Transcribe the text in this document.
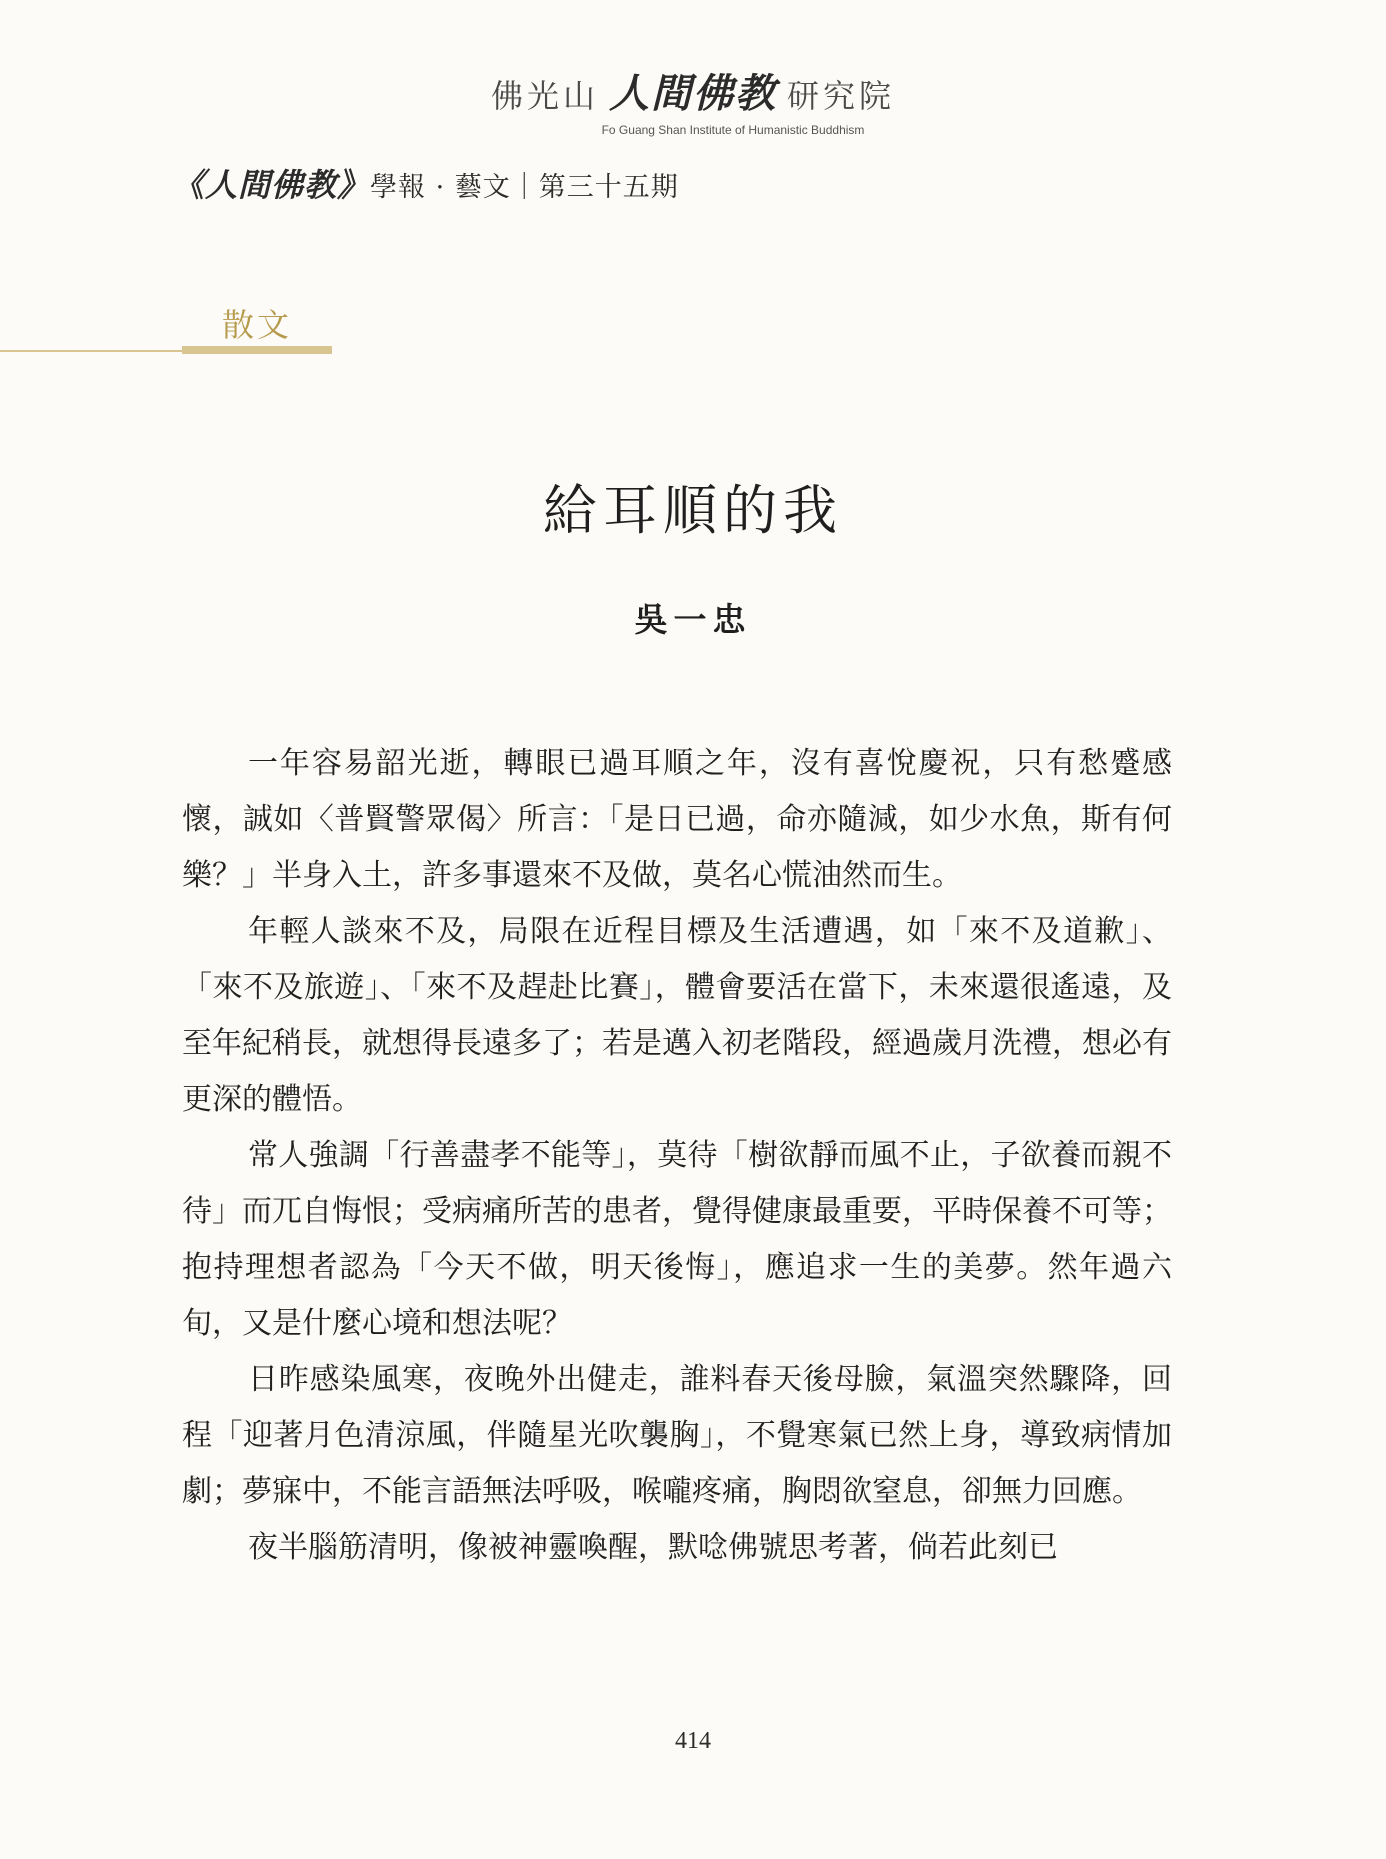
佛光山 人間佛教 研究院
Fo Guang Shan Institute of Humanistic Buddhism
《人間佛教》學報 · 藝文｜第三十五期
散文
給耳順的我
吳一忠

一年容易韶光逝，轉眼已過耳順之年，沒有喜悅慶祝，只有愁蹙感懷，誠如〈普賢警眾偈〉所言：「是日已過，命亦隨減，如少水魚，斯有何樂？」半身入土，許多事還來不及做，莫名心慌油然而生。

年輕人談來不及，局限在近程目標及生活遭遇，如「來不及道歉」、「來不及旅遊」、「來不及趕赴比賽」，體會要活在當下，未來還很遙遠，及至年紀稍長，就想得長遠多了；若是邁入初老階段，經過歲月洗禮，想必有更深的體悟。

常人強調「行善盡孝不能等」，莫待「樹欲靜而風不止，子欲養而親不待」而兀自悔恨；受病痛所苦的患者，覺得健康最重要，平時保養不可等；抱持理想者認為「今天不做，明天後悔」，應追求一生的美夢。然年過六旬，又是什麼心境和想法呢？

日昨感染風寒，夜晚外出健走，誰料春天後母臉，氣溫突然驟降，回程「迎著月色清涼風，伴隨星光吹襲胸」，不覺寒氣已然上身，導致病情加劇；夢寐中，不能言語無法呼吸，喉嚨疼痛，胸悶欲窒息，卻無力回應。

夜半腦筋清明，像被神靈喚醒，默唸佛號思考著，倘若此刻已

414
